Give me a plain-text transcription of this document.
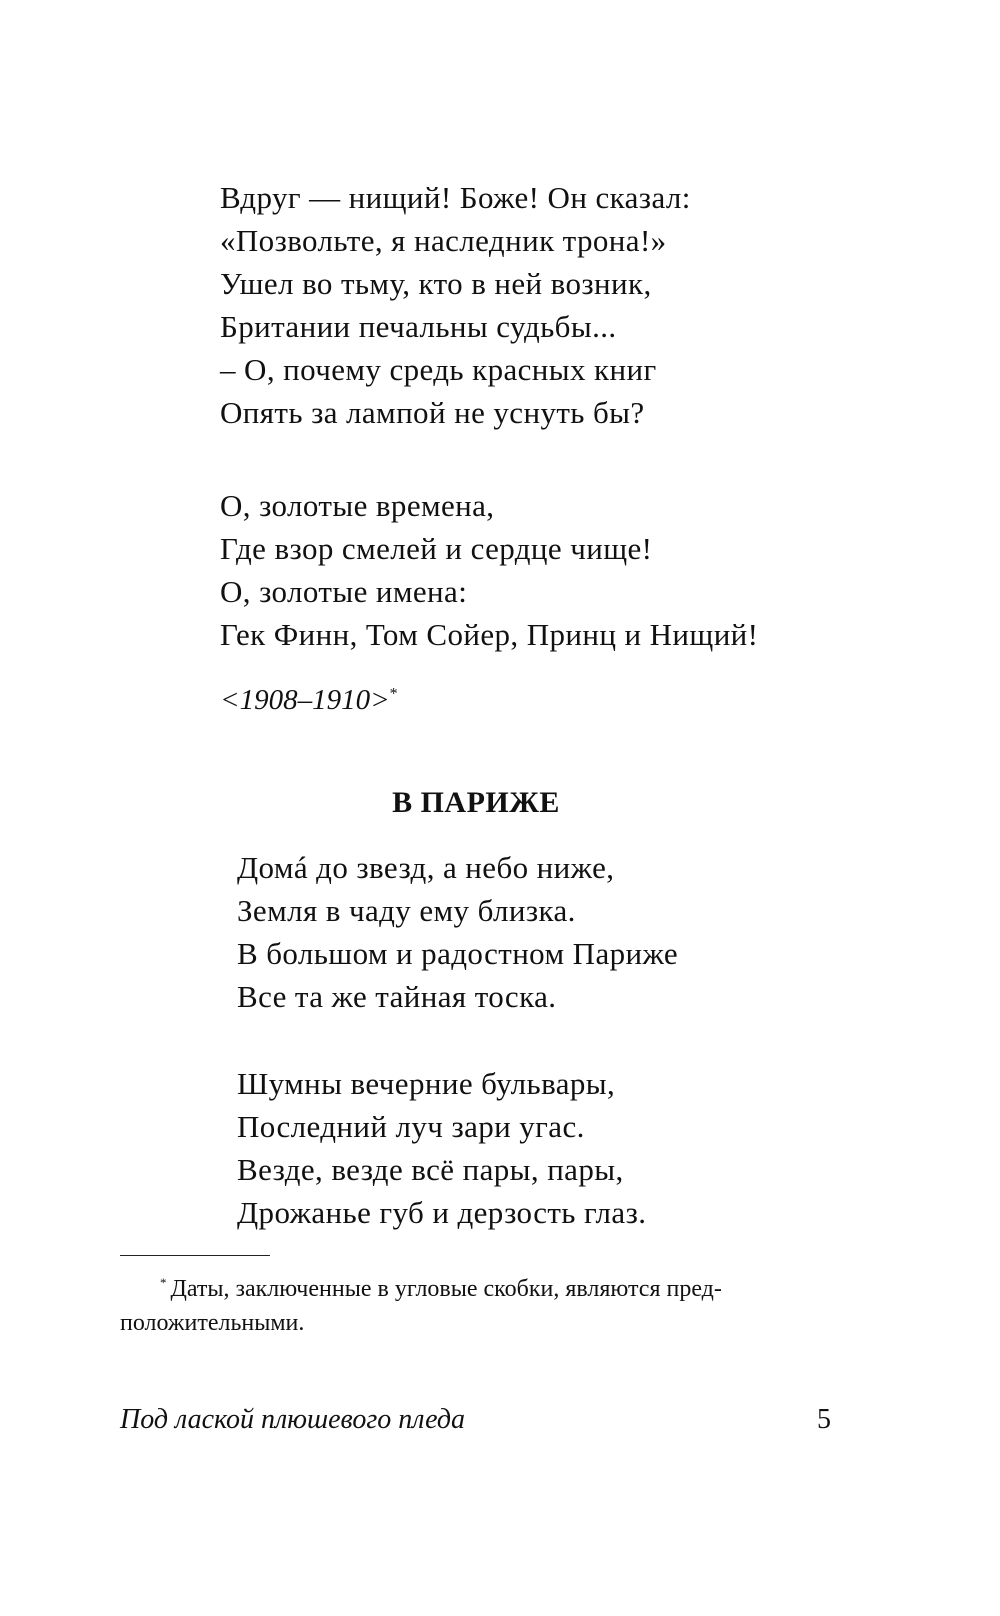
Вдруг — нищий! Боже! Он сказал:
«Позвольте, я наследник трона!»
Ушел во тьму, кто в ней возник,
Британии печальны судьбы...
– О, почему средь красных книг
Опять за лампой не уснуть бы?
О, золотые времена,
Где взор смелей и сердце чище!
О, золотые имена:
Гек Финн, Том Сойер, Принц и Нищий!
<1908–1910>*
В ПАРИЖЕ
Домá до звезд, а небо ниже,
Земля в чаду ему близка.
В большом и радостном Париже
Все та же тайная тоска.
Шумны вечерние бульвары,
Последний луч зари угас.
Везде, везде всё пары, пары,
Дрожанье губ и дерзость глаз.
* Даты, заключенные в угловые скобки, являются пред-
положительными.
Под лаской плюшевого пледа	5
